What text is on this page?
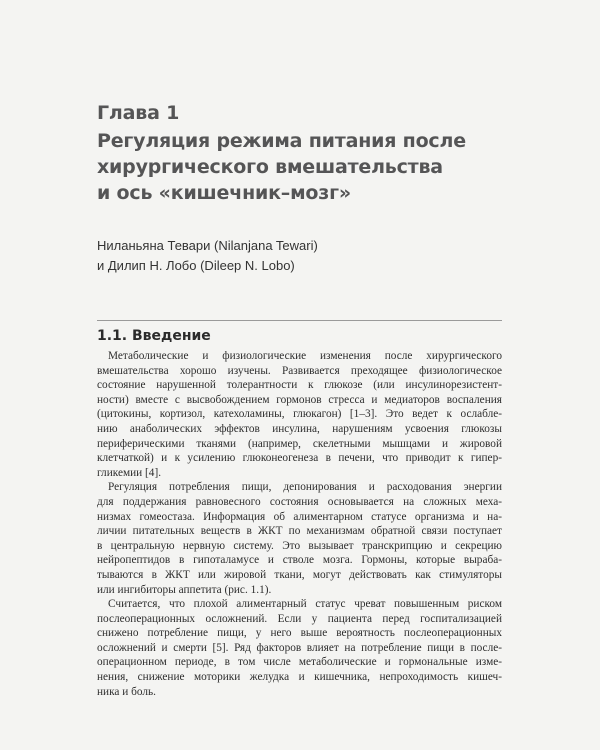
Глава 1
Регуляция режима питания после
хирургического вмешательства
и ось «кишечник–мозг»
Ниланьяна Тевари (Nilanjana Tewari)
и Дилип Н. Лобо (Dileep N. Lobo)
1.1. Введение

Метаболические и физиологические изменения после хирургического
вмешательства хорошо изучены. Развивается преходящее физиологическое
состояние нарушенной толерантности к глюкозе (или инсулинорезистент-
ности) вместе с высвобождением гормонов стресса и медиаторов воспаления
(цитокины, кортизол, катехоламины, глюкагон) [1–3]. Это ведет к ослабле-
нию анаболических эффектов инсулина, нарушениям усвоения глюкозы
периферическими тканями (например, скелетными мышцами и жировой
клетчаткой) и к усилению глюконеогенеза в печени, что приводит к гипер-
гликемии [4].

Регуляция потребления пищи, депонирования и расходования энергии
для поддержания равновесного состояния основывается на сложных меха-
низмах гомеостаза. Информация об алиментарном статусе организма и на-
личии питательных веществ в ЖКТ по механизмам обратной связи поступает
в центральную нервную систему. Это вызывает транскрипцию и секрецию
нейропептидов в гипоталамусе и стволе мозга. Гормоны, которые выраба-
тываются в ЖКТ или жировой ткани, могут действовать как стимуляторы
или ингибиторы аппетита (рис. 1.1).

Считается, что плохой алиментарный статус чреват повышенным риском
послеоперационных осложнений. Если у пациента перед госпитализацией
снижено потребление пищи, у него выше вероятность послеоперационных
осложнений и смерти [5]. Ряд факторов влияет на потребление пищи в после-
операционном периоде, в том числе метаболические и гормональные изме-
нения, снижение моторики желудка и кишечника, непроходимость кишеч-
ника и боль.
